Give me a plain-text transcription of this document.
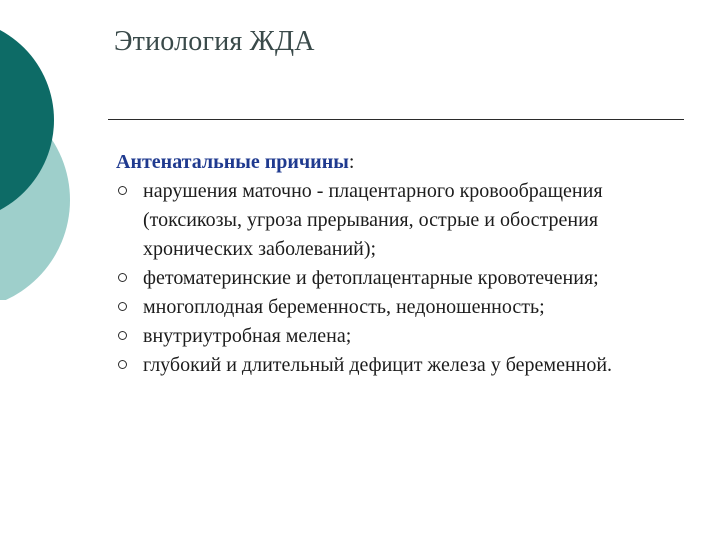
Этиология ЖДА

Антенатальные причины:

нарушения маточно - плацентарного кровообращения (токсикозы, угроза прерывания, острые и обострения хронических заболеваний);
фетоматеринские и фетоплацентарные кровотечения;
многоплодная беременность, недоношенность;
внутриутробная мелена;
глубокий и длительный дефицит железа у беременной.
